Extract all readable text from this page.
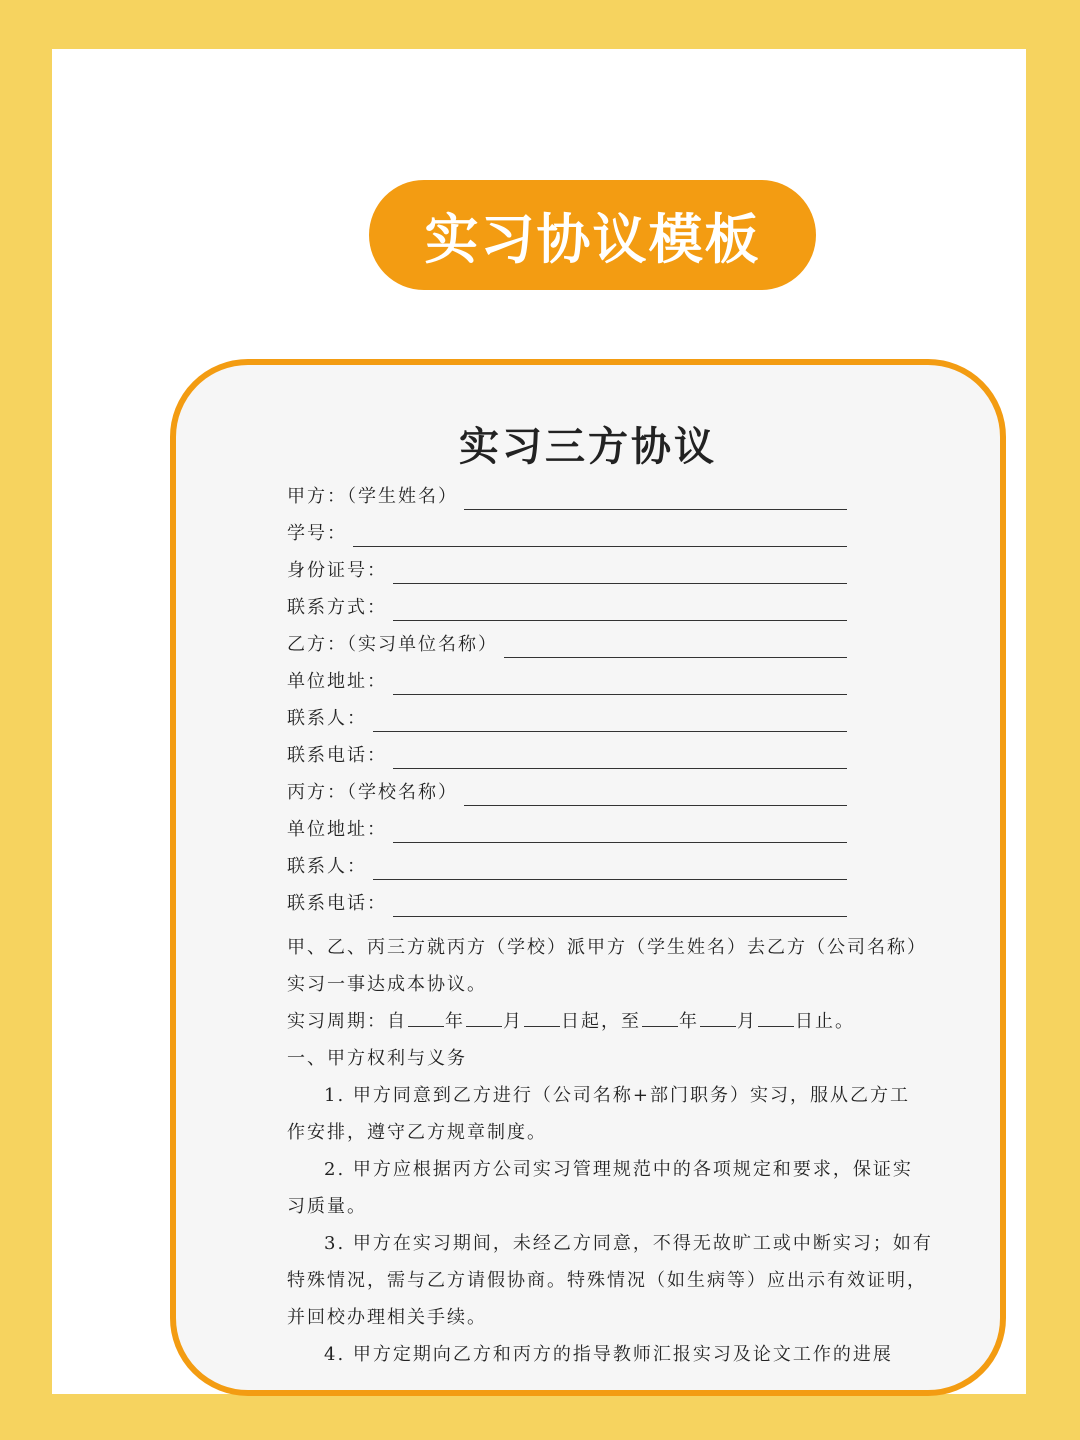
实习协议模板
实习三方协议
甲方：（学生姓名）
学号：
身份证号：
联系方式：
乙方：（实习单位名称）
单位地址：
联系人：
联系电话：
丙方：（学校名称）
单位地址：
联系人：
联系电话：
甲、乙、丙三方就丙方（学校）派甲方（学生姓名）去乙方（公司名称）
实习一事达成本协议。
实习周期：自 年 月 日起，至 年 月 日止。
一、甲方权利与义务
1. 甲方同意到乙方进行（公司名称+部门职务）实习，服从乙方工
作安排，遵守乙方规章制度。
2. 甲方应根据丙方公司实习管理规范中的各项规定和要求，保证实
习质量。
3. 甲方在实习期间，未经乙方同意，不得无故旷工或中断实习；如有
特殊情况，需与乙方请假协商。特殊情况（如生病等）应出示有效证明，
并回校办理相关手续。
4. 甲方定期向乙方和丙方的指导教师汇报实习及论文工作的进展
